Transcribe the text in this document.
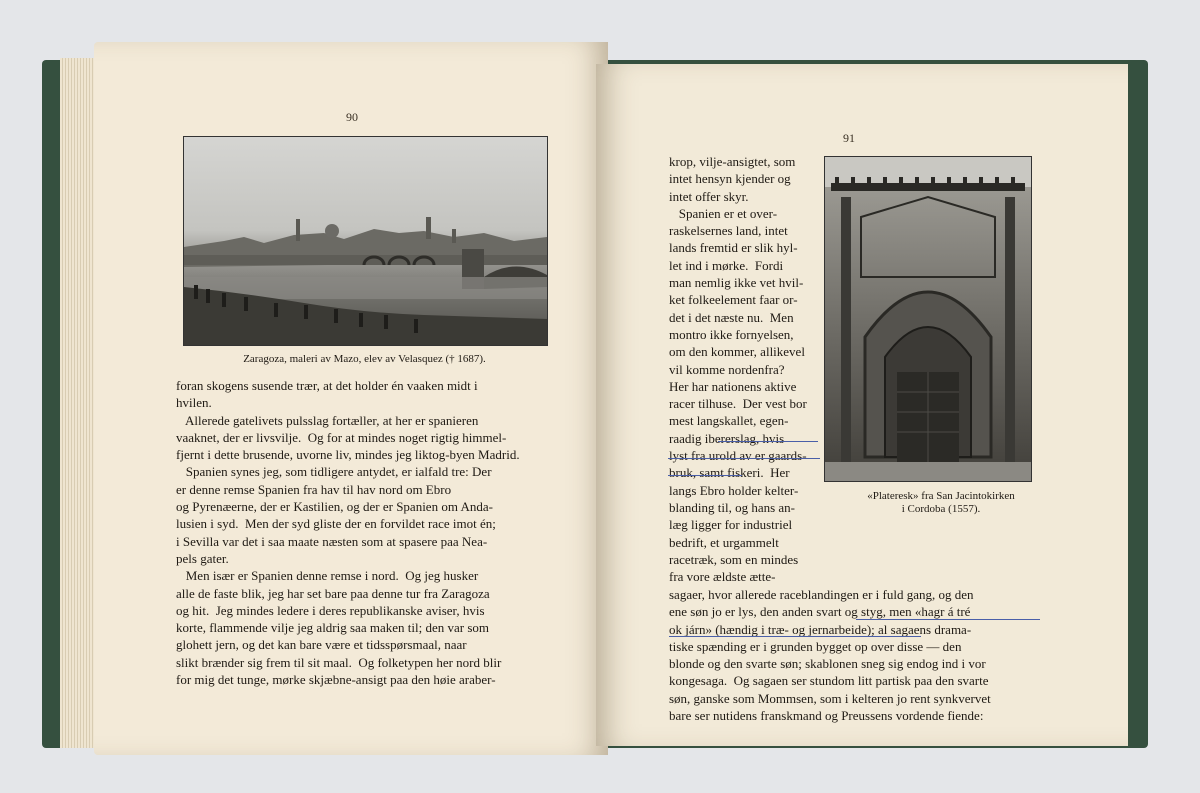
90
Zaragoza, maleri av Mazo, elev av Velasquez († 1687).
foran skogens susende trær, at det holder én vaaken midt i
hvilen.
Allerede gatelivets pulsslag fortæller, at her er spanieren
vaaknet, der er livsvilje.  Og for at mindes noget rigtig himmel-
fjernt i dette brusende, uvorne liv, mindes jeg liktog-byen Madrid.
Spanien synes jeg, som tidligere antydet, er ialfald tre: Der
er denne remse Spanien fra hav til hav nord om Ebro
og Pyrenæerne, der er Kastilien, og der er Spanien om Anda-
lusien i syd.  Men der syd gliste der en forvildet race imot én;
i Sevilla var det i saa maate næsten som at spasere paa Nea-
pels gater.
Men især er Spanien denne remse i nord.  Og jeg husker
alle de faste blik, jeg har set bare paa denne tur fra Zaragoza
og hit.  Jeg mindes ledere i deres republikanske aviser, hvis
korte, flammende vilje jeg aldrig saa maken til; den var som
glohett jern, og det kan bare være et tidsspørsmaal, naar
slikt brænder sig frem til sit maal.  Og folketypen her nord blir
for mig det tunge, mørke skjæbne-ansigt paa den høie araber-
91
«Plateresk» fra San Jacintokirken
i Cordoba (1557).
krop, vilje-ansigtet, som
intet hensyn kjender og
intet offer skyr.
Spanien er et over-
raskelsernes land, intet
lands fremtid er slik hyl-
let ind i mørke.  Fordi
man nemlig ikke vet hvil-
ket folkeelement faar or-
det i det næste nu.  Men
montro ikke fornyelsen,
om den kommer, allikevel
vil komme nordenfra?
Her har nationens aktive
racer tilhuse.  Der vest bor
mest langskallet, egen-
raadig ibererslag, hvis
lyst fra urold av er gaards-
bruk, samt fiskeri.  Her
langs Ebro holder kelter-
blanding til, og hans an-
læg ligger for industriel
bedrift, et urgammelt
racetræk, som en mindes
fra vore ældste ætte-
sagaer, hvor allerede raceblandingen er i fuld gang, og den
ene søn jo er lys, den anden svart og styg, men «hagr á tré
ok járn» (hændig i træ- og jernarbeide); al sagaens drama-
tiske spænding er i grunden bygget op over disse — den
blonde og den svarte søn; skablonen sneg sig endog ind i vor
kongesaga.  Og sagaen ser stundom litt partisk paa den svarte
søn, ganske som Mommsen, som i kelteren jo rent synkvervet
bare ser nutidens franskmand og Preussens vordende fiende:
